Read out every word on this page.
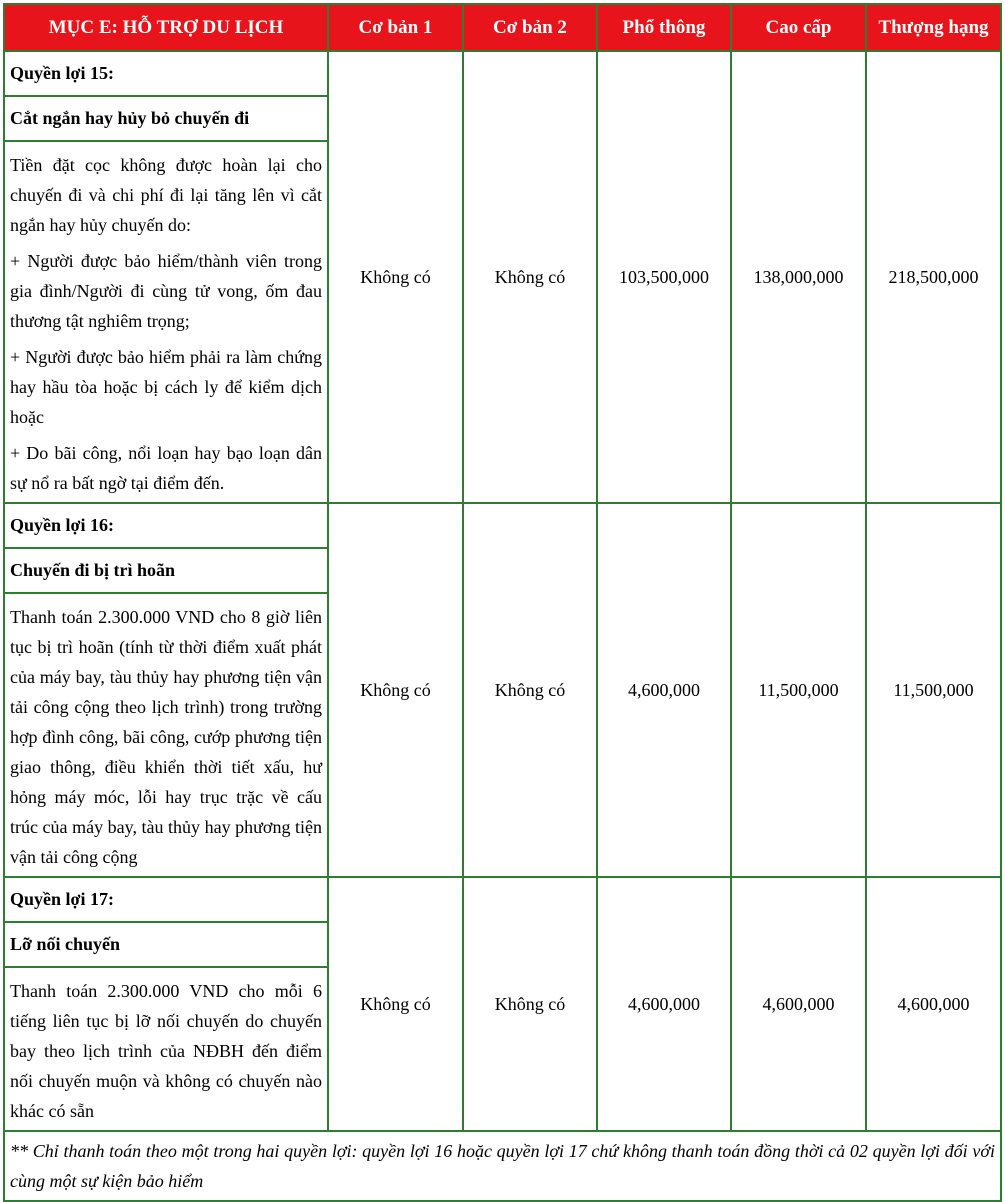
MỤC E: HỖ TRỢ DU LỊCH	Cơ bản 1	Cơ bản 2	Phổ thông	Cao cấp	Thượng hạng
Quyền lợi 15:	Không có	Không có	103,500,000	138,000,000	218,500,000
Cắt ngắn hay hủy bỏ chuyến đi					

Tiền đặt cọc không được hoàn lại cho chuyến đi và chi phí đi lại tăng lên vì cắt ngắn hay hủy chuyến do:

+ Người được bảo hiểm/thành viên trong gia đình/Người đi cùng tử vong, ốm đau thương tật nghiêm trọng;

+ Người được bảo hiểm phải ra làm chứng hay hầu tòa hoặc bị cách ly để kiểm dịch hoặc

+ Do bãi công, nổi loạn hay bạo loạn dân sự nổ ra bất ngờ tại điểm đến.					

Quyền lợi 16:	Không có	Không có	4,600,000	11,500,000	11,500,000
Chuyến đi bị trì hoãn					

Thanh toán 2.300.000 VND cho 8 giờ liên tục bị trì hoãn (tính từ thời điểm xuất phát của máy bay, tàu thủy hay phương tiện vận tải công cộng theo lịch trình) trong trường hợp đình công, bãi công, cướp phương tiện giao thông, điều khiển thời tiết xấu, hư hỏng máy móc, lỗi hay trục trặc về cấu trúc của máy bay, tàu thủy hay phương tiện vận tải công cộng					

Quyền lợi 17:	Không có	Không có	4,600,000	4,600,000	4,600,000
Lỡ nối chuyến					

Thanh toán 2.300.000 VND cho mỗi 6 tiếng liên tục bị lỡ nối chuyến do chuyến bay theo lịch trình của NĐBH đến điểm nối chuyến muộn và không có chuyến nào khác có sẵn					

** Chỉ thanh toán theo một trong hai quyền lợi: quyền lợi 16 hoặc quyền lợi 17 chứ không thanh toán đồng thời cả 02 quyền lợi đối với cùng một sự kiện bảo hiểm					
